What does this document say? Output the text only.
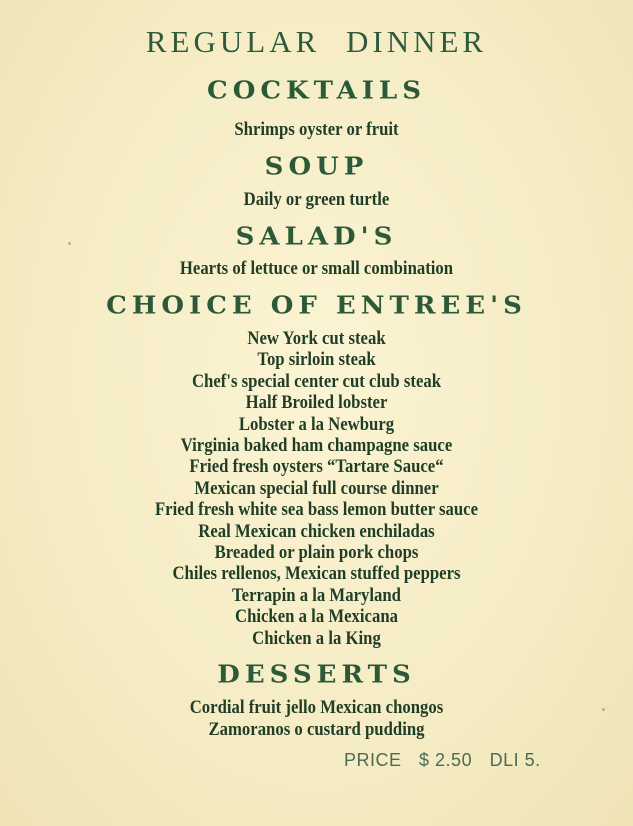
REGULAR DINNER
COCKTAILS
Shrimps oyster or fruit
SOUP
Daily or green turtle
SALAD'S
Hearts of lettuce or small combination
CHOICE OF ENTREE'S
New York cut steak
Top sirloin steak
Chef's special center cut club steak
Half Broiled lobster
Lobster a la Newburg
Virginia baked ham champagne sauce
Fried fresh oysters “Tartare Sauce“
Mexican special full course dinner
Fried fresh white sea bass lemon butter sauce
Real Mexican chicken enchiladas
Breaded or plain pork chops
Chiles rellenos, Mexican stuffed peppers
Terrapin a la Maryland
Chicken a la Mexicana
Chicken a la King
DESSERTS
Cordial fruit jello Mexican chongos
Zamoranos o custard pudding
PRICE $ 2.50 DLI 5.
